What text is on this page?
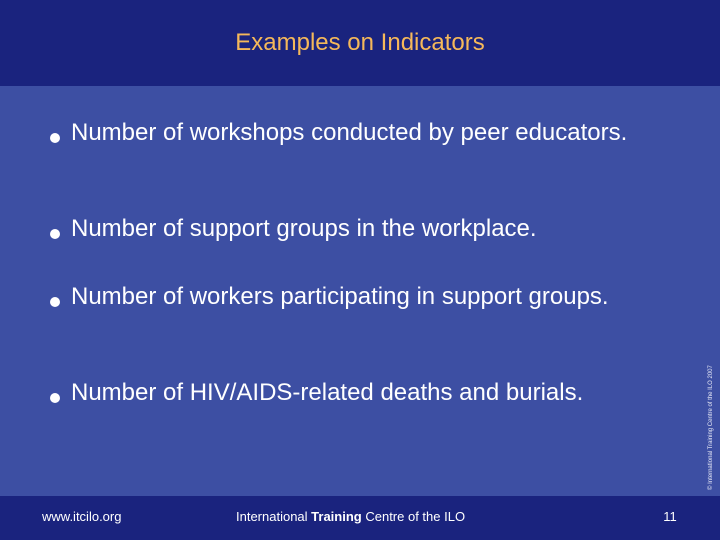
Examples on Indicators
Number of workshops conducted by peer educators.
Number of support groups in the workplace.
Number of workers participating in support groups.
Number of HIV/AIDS-related deaths and burials.	© International Training Centre of the ILO 2007
www.itcilo.org	International Training Centre of the ILO	11
